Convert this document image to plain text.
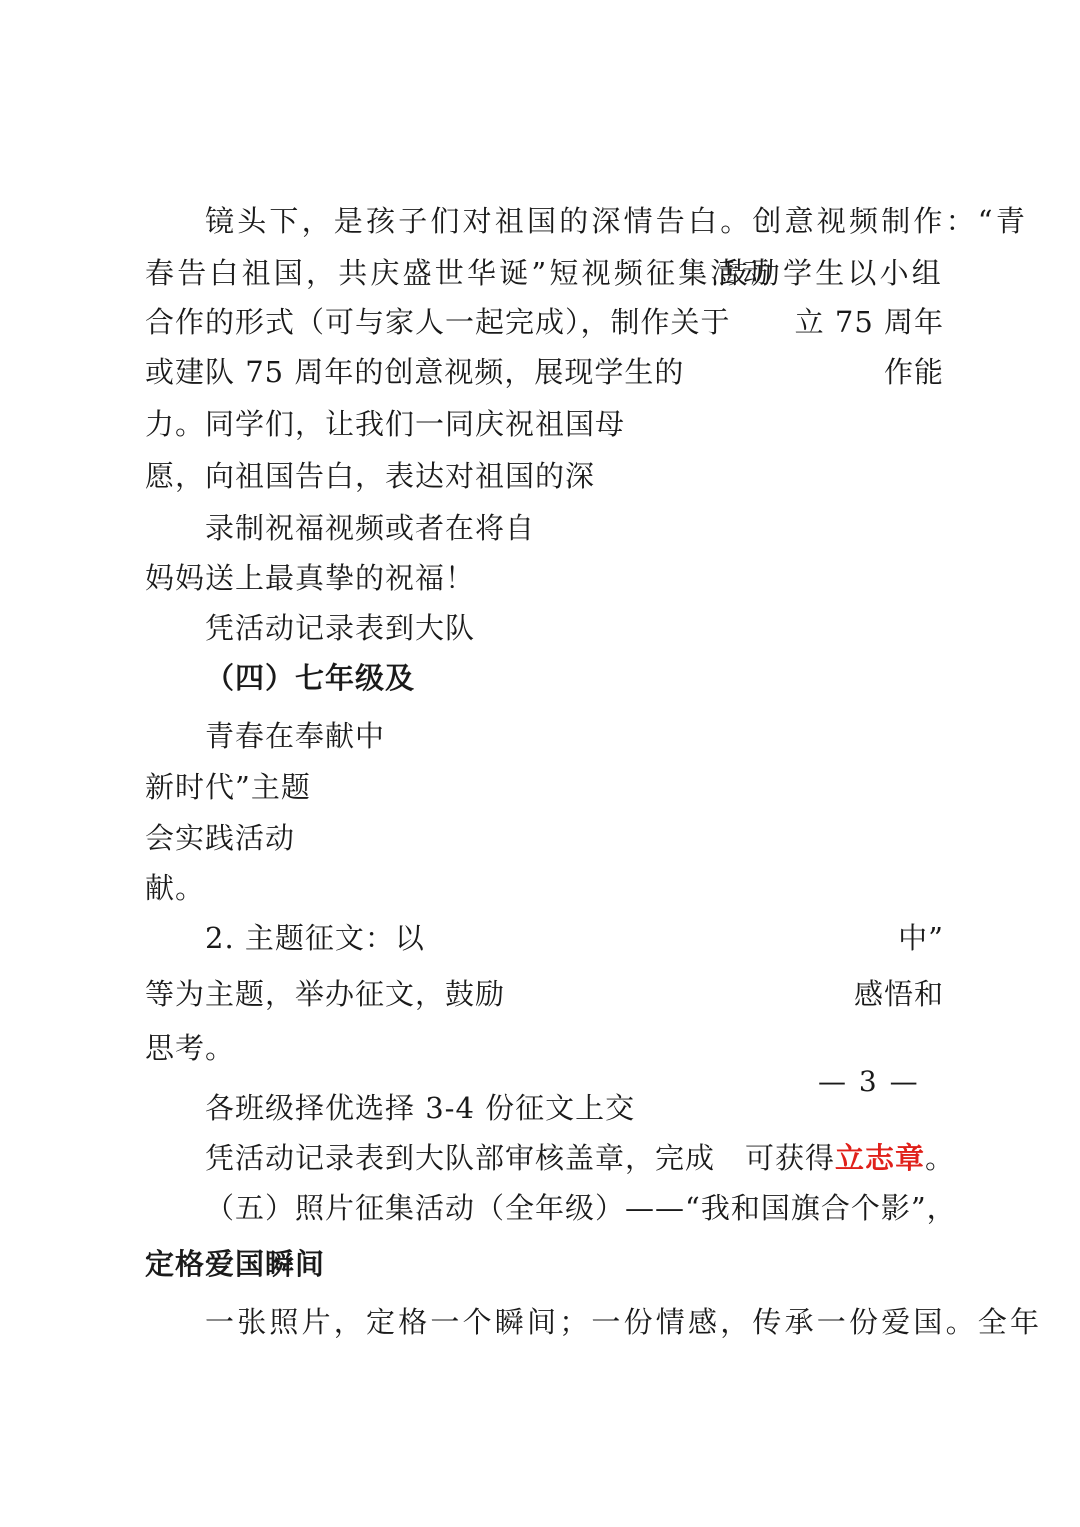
镜头下，是孩子们对祖国的深情告白。创意视频制作：“青
春告白祖国，共庆盛世华诞”短视频征集活动
鼓励学生以小组
合作的形式（可与家人一起完成），制作关于 立 75 周年
或建队 75 周年的创意视频，展现学生的	作能
力。同学们，让我们一同庆祝祖国母
愿，向祖国告白，表达对祖国的深
录制祝福视频或者在将自
妈妈送上最真挚的祝福！
凭活动记录表到大队
（四）七年级及
青春在奉献中
新时代”主题
会实践活动
献。
2. 主题征文：以	中”
等为主题，举办征文，鼓励	感悟和
思考。
各班级择优选择 3-4 份征文上交
凭活动记录表到大队部审核盖章，完成 可获得立志章。
（五）照片征集活动（全年级）——“我和国旗合个影”，
定格爱国瞬间
一张照片，定格一个瞬间；一份情感，传承一份爱国。全年
— 3 —
